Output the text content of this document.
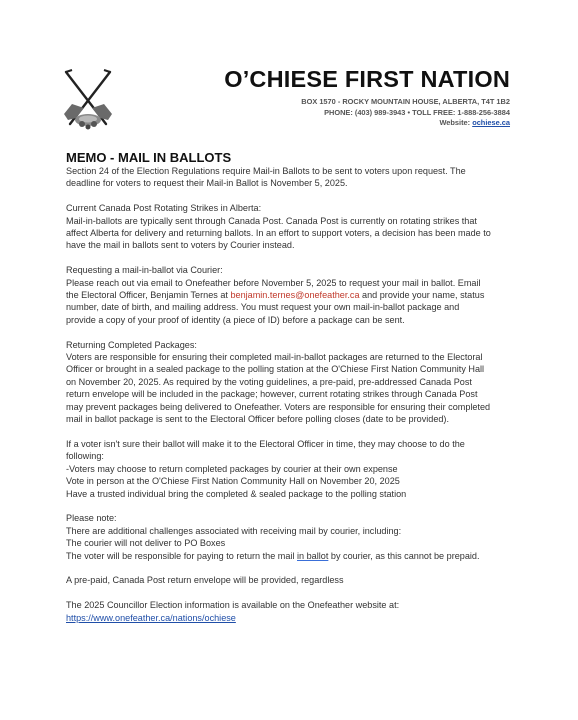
O’CHIESE FIRST NATION
BOX 1570 - ROCKY MOUNTAIN HOUSE, ALBERTA, T4T 1B2
PHONE: (403) 989-3943 • TOLL FREE: 1-888-256-3884
Website: ochiese.ca
MEMO - MAIL IN BALLOTS

Section 24 of the Election Regulations require Mail-in Ballots to be sent to voters upon request. The

deadline for voters to request their Mail-in Ballot is November 5, 2025.

Current Canada Post Rotating Strikes in Alberta:

Mail-in-ballots are typically sent through Canada Post. Canada Post is currently on rotating strikes that

affect Alberta for delivery and returning ballots. In an effort to support voters, a decision has been made to

have the mail in ballots sent to voters by Courier instead.

Requesting a mail-in-ballot via Courier:

Please reach out via email to Onefeather before November 5, 2025 to request your mail in ballot. Email

the Electoral Officer, Benjamin Ternes at benjamin.ternes@onefeather.ca and provide your name, status

number, date of birth, and mailing address. You must request your own mail-in-ballot package and

provide a copy of your proof of identity (a piece of ID) before a package can be sent.

Returning Completed Packages:

Voters are responsible for ensuring their completed mail-in-ballot packages are returned to the Electoral

Officer or brought in a sealed package to the polling station at the O'Chiese First Nation Community Hall

on November 20, 2025. As required by the voting guidelines, a pre-paid, pre-addressed Canada Post

return envelope will be included in the package; however, current rotating strikes through Canada Post

may prevent packages being delivered to Onefeather. Voters are responsible for ensuring their completed

mail in ballot package is sent to the Electoral Officer before polling closes (date to be provided).

If a voter isn't sure their ballot will make it to the Electoral Officer in time, they may choose to do the

following:

-Voters may choose to return completed packages by courier at their own expense

Vote in person at the O'Chiese First Nation Community Hall on November 20, 2025

Have a trusted individual bring the completed & sealed package to the polling station

Please note:

There are additional challenges associated with receiving mail by courier, including:

The courier will not deliver to PO Boxes

The voter will be responsible for paying to return the mail in ballot by courier, as this cannot be prepaid.

A pre-paid, Canada Post return envelope will be provided, regardless

The 2025 Councillor Election information is available on the Onefeather website at:

https://www.onefeather.ca/nations/ochiese
